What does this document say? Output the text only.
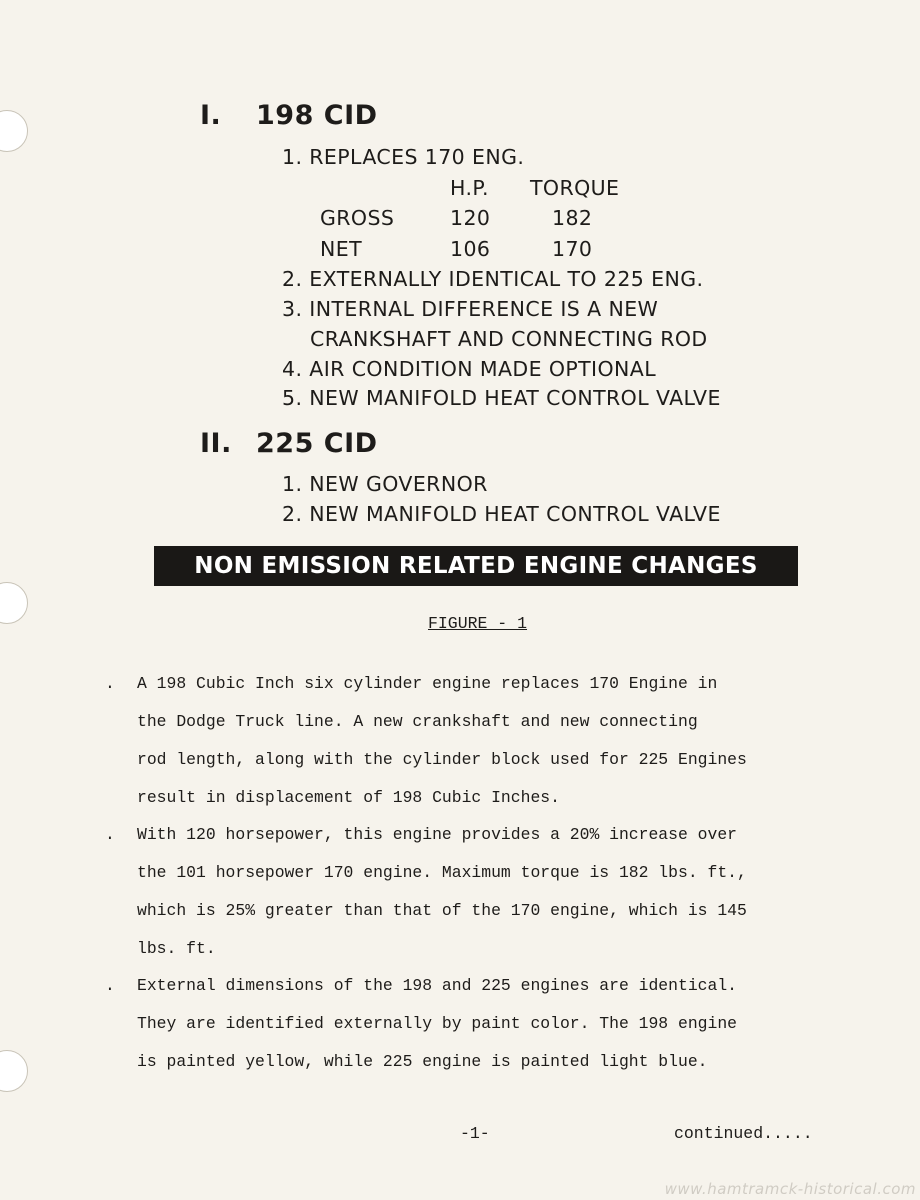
I. 198 CID
1. REPLACES 170 ENG.
H.P. TORQUE
GROSS	120	182
NET	106	170
2. EXTERNALLY IDENTICAL TO 225 ENG.
3. INTERNAL DIFFERENCE IS A NEW
CRANKSHAFT AND CONNECTING ROD
4. AIR CONDITION MADE OPTIONAL
5. NEW MANIFOLD HEAT CONTROL VALVE
II. 225 CID
1. NEW GOVERNOR
2. NEW MANIFOLD HEAT CONTROL VALVE
NON EMISSION RELATED ENGINE CHANGES
FIGURE - 1
. A 198 Cubic Inch six cylinder engine replaces 170 Engine in
the Dodge Truck line. A new crankshaft and new connecting
rod length, along with the cylinder block used for 225 Engines
result in displacement of 198 Cubic Inches.
. With 120 horsepower, this engine provides a 20% increase over
the 101 horsepower 170 engine. Maximum torque is 182 lbs. ft.,
which is 25% greater than that of the 170 engine, which is 145
lbs. ft.
. External dimensions of the 198 and 225 engines are identical.
They are identified externally by paint color. The 198 engine
is painted yellow, while 225 engine is painted light blue.
-1-	continued.....
www.hamtramck-historical.com
